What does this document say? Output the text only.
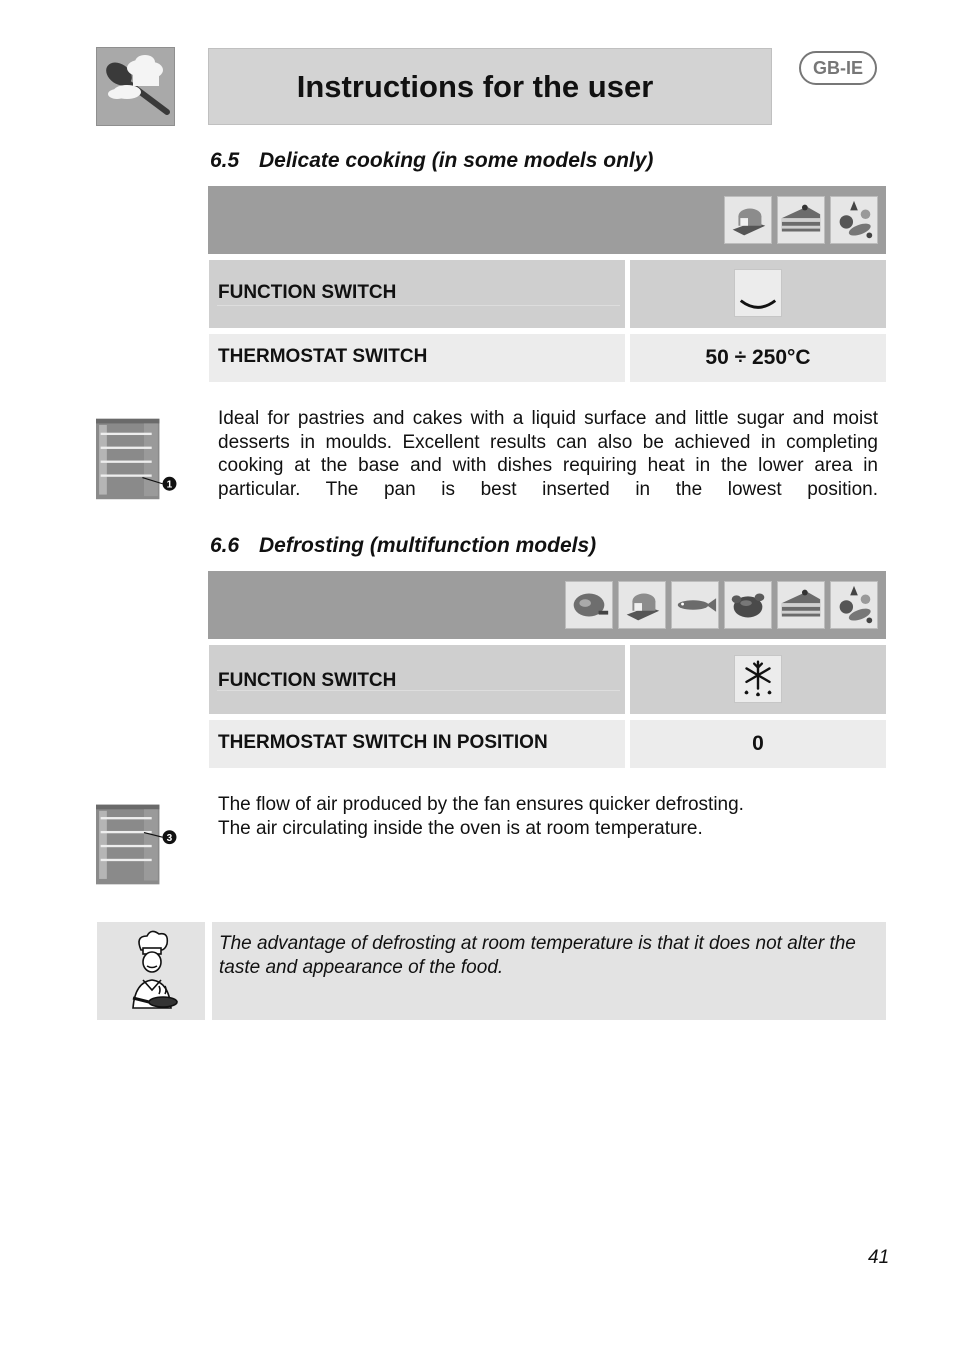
Instructions for the user
GB-IE
6.5 Delicate cooking (in some models only)
FUNCTION SWITCH
THERMOSTAT SWITCH	50 ÷ 250°C
1
Ideal for pastries and cakes with a liquid surface and little sugar and moist desserts in moulds. Excellent results can also be achieved in completing cooking at the base and with dishes requiring heat in the lower area in particular. The pan is best inserted in the lowest position.
6.6 Defrosting (multifunction models)
FUNCTION SWITCH
THERMOSTAT SWITCH IN POSITION	0
3
The flow of air produced by the fan ensures quicker defrosting.
The air circulating inside the oven is at room temperature.
The advantage of defrosting at room temperature is that it does not alter the taste and appearance of the food.
41
